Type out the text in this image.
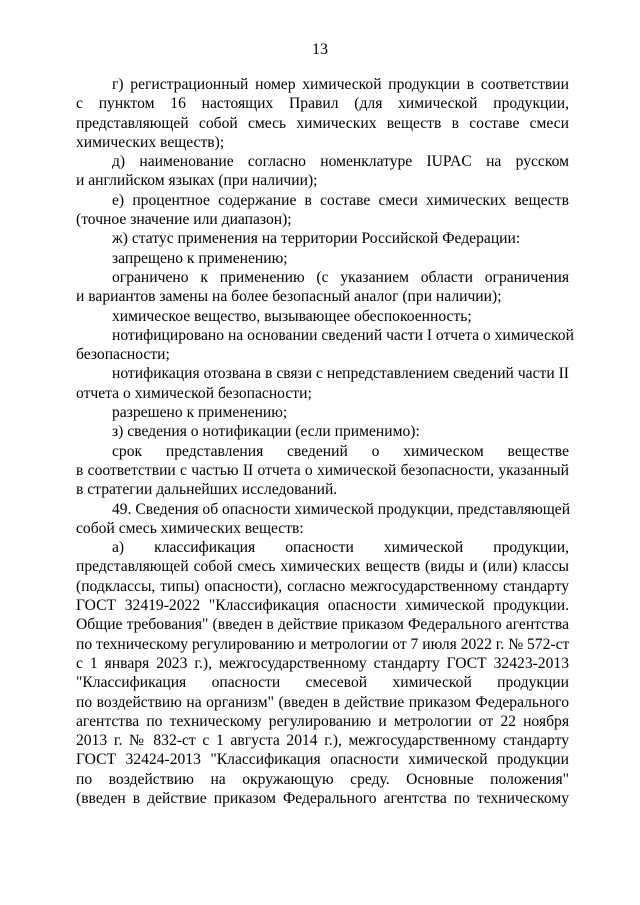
13
г) регистрационный номер химической продукции в соответствии
с пунктом 16 настоящих Правил (для химической продукции,
представляющей собой смесь химических веществ в составе смеси
химических веществ);
д) наименование согласно номенклатуре IUPAC на русском
и английском языках (при наличии);
е) процентное содержание в составе смеси химических веществ
(точное значение или диапазон);
ж) статус применения на территории Российской Федерации:
запрещено к применению;
ограничено к применению (с указанием области ограничения
и вариантов замены на более безопасный аналог (при наличии);
химическое вещество, вызывающее обеспокоенность;
нотифицировано на основании сведений части I отчета о химической
безопасности;
нотификация отозвана в связи с непредставлением сведений части II
отчета о химической безопасности;
разрешено к применению;
з) сведения о нотификации (если применимо):
срок представления сведений о химическом веществе
в соответствии с частью II отчета о химической безопасности, указанный
в стратегии дальнейших исследований.
49. Сведения об опасности химической продукции, представляющей
собой смесь химических веществ:
а) классификация опасности химической продукции,
представляющей собой смесь химических веществ (виды и (или) классы
(подклассы, типы) опасности), согласно межгосударственному стандарту
ГОСТ 32419-2022 "Классификация опасности химической продукции.
Общие требования" (введен в действие приказом Федерального агентства
по техническому регулированию и метрологии от 7 июля 2022 г. № 572-ст
с 1 января 2023 г.), межгосударственному стандарту ГОСТ 32423-2013
"Классификация опасности смесевой химической продукции
по воздействию на организм" (введен в действие приказом Федерального
агентства по техническому регулированию и метрологии от 22 ноября
2013 г. № 832-ст с 1 августа 2014 г.), межгосударственному стандарту
ГОСТ 32424-2013 "Классификация опасности химической продукции
по воздействию на окружающую среду. Основные положения"
(введен в действие приказом Федерального агентства по техническому
